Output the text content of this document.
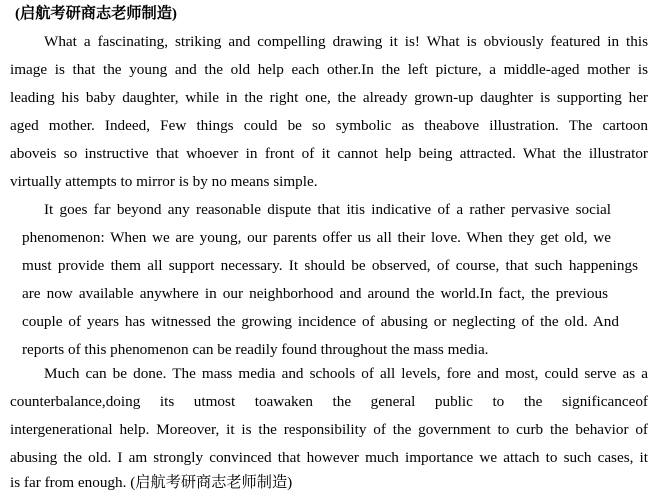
(启航考研商志老师制造)
What a fascinating, striking and compelling drawing it is! What is obviously featured in this
image is that the young and the old help each other.In the left picture, a middle-aged mother is
leading his baby daughter, while in the right one, the already grown-up daughter is supporting her
aged mother. Indeed, Few things could be so symbolic as theabove illustration. The cartoon
aboveis so instructive that whoever in front of it cannot help being attracted. What the illustrator
virtually attempts to mirror is by no means simple.
It goes far beyond any reasonable dispute that itis indicative of a rather pervasive social
phenomenon: When we are young, our parents offer us all their love. When they get old, we
must provide them all support necessary. It should be observed, of course, that such happenings
are now available anywhere in our neighborhood and around the world.In fact, the previous
couple of years has witnessed the growing incidence of abusing or neglecting of the old. And
reports of this phenomenon can be readily found throughout the mass media.
Much can be done. The mass media and schools of all levels, fore and most, could serve as a
counterbalance,doing its utmost toawaken the general public to the significanceof
intergenerational help. Moreover, it is the responsibility of the government to curb the behavior of
abusing the old. I am strongly convinced that however much importance we attach to such cases, it
is far from enough. (启航考研商志老师制造)
